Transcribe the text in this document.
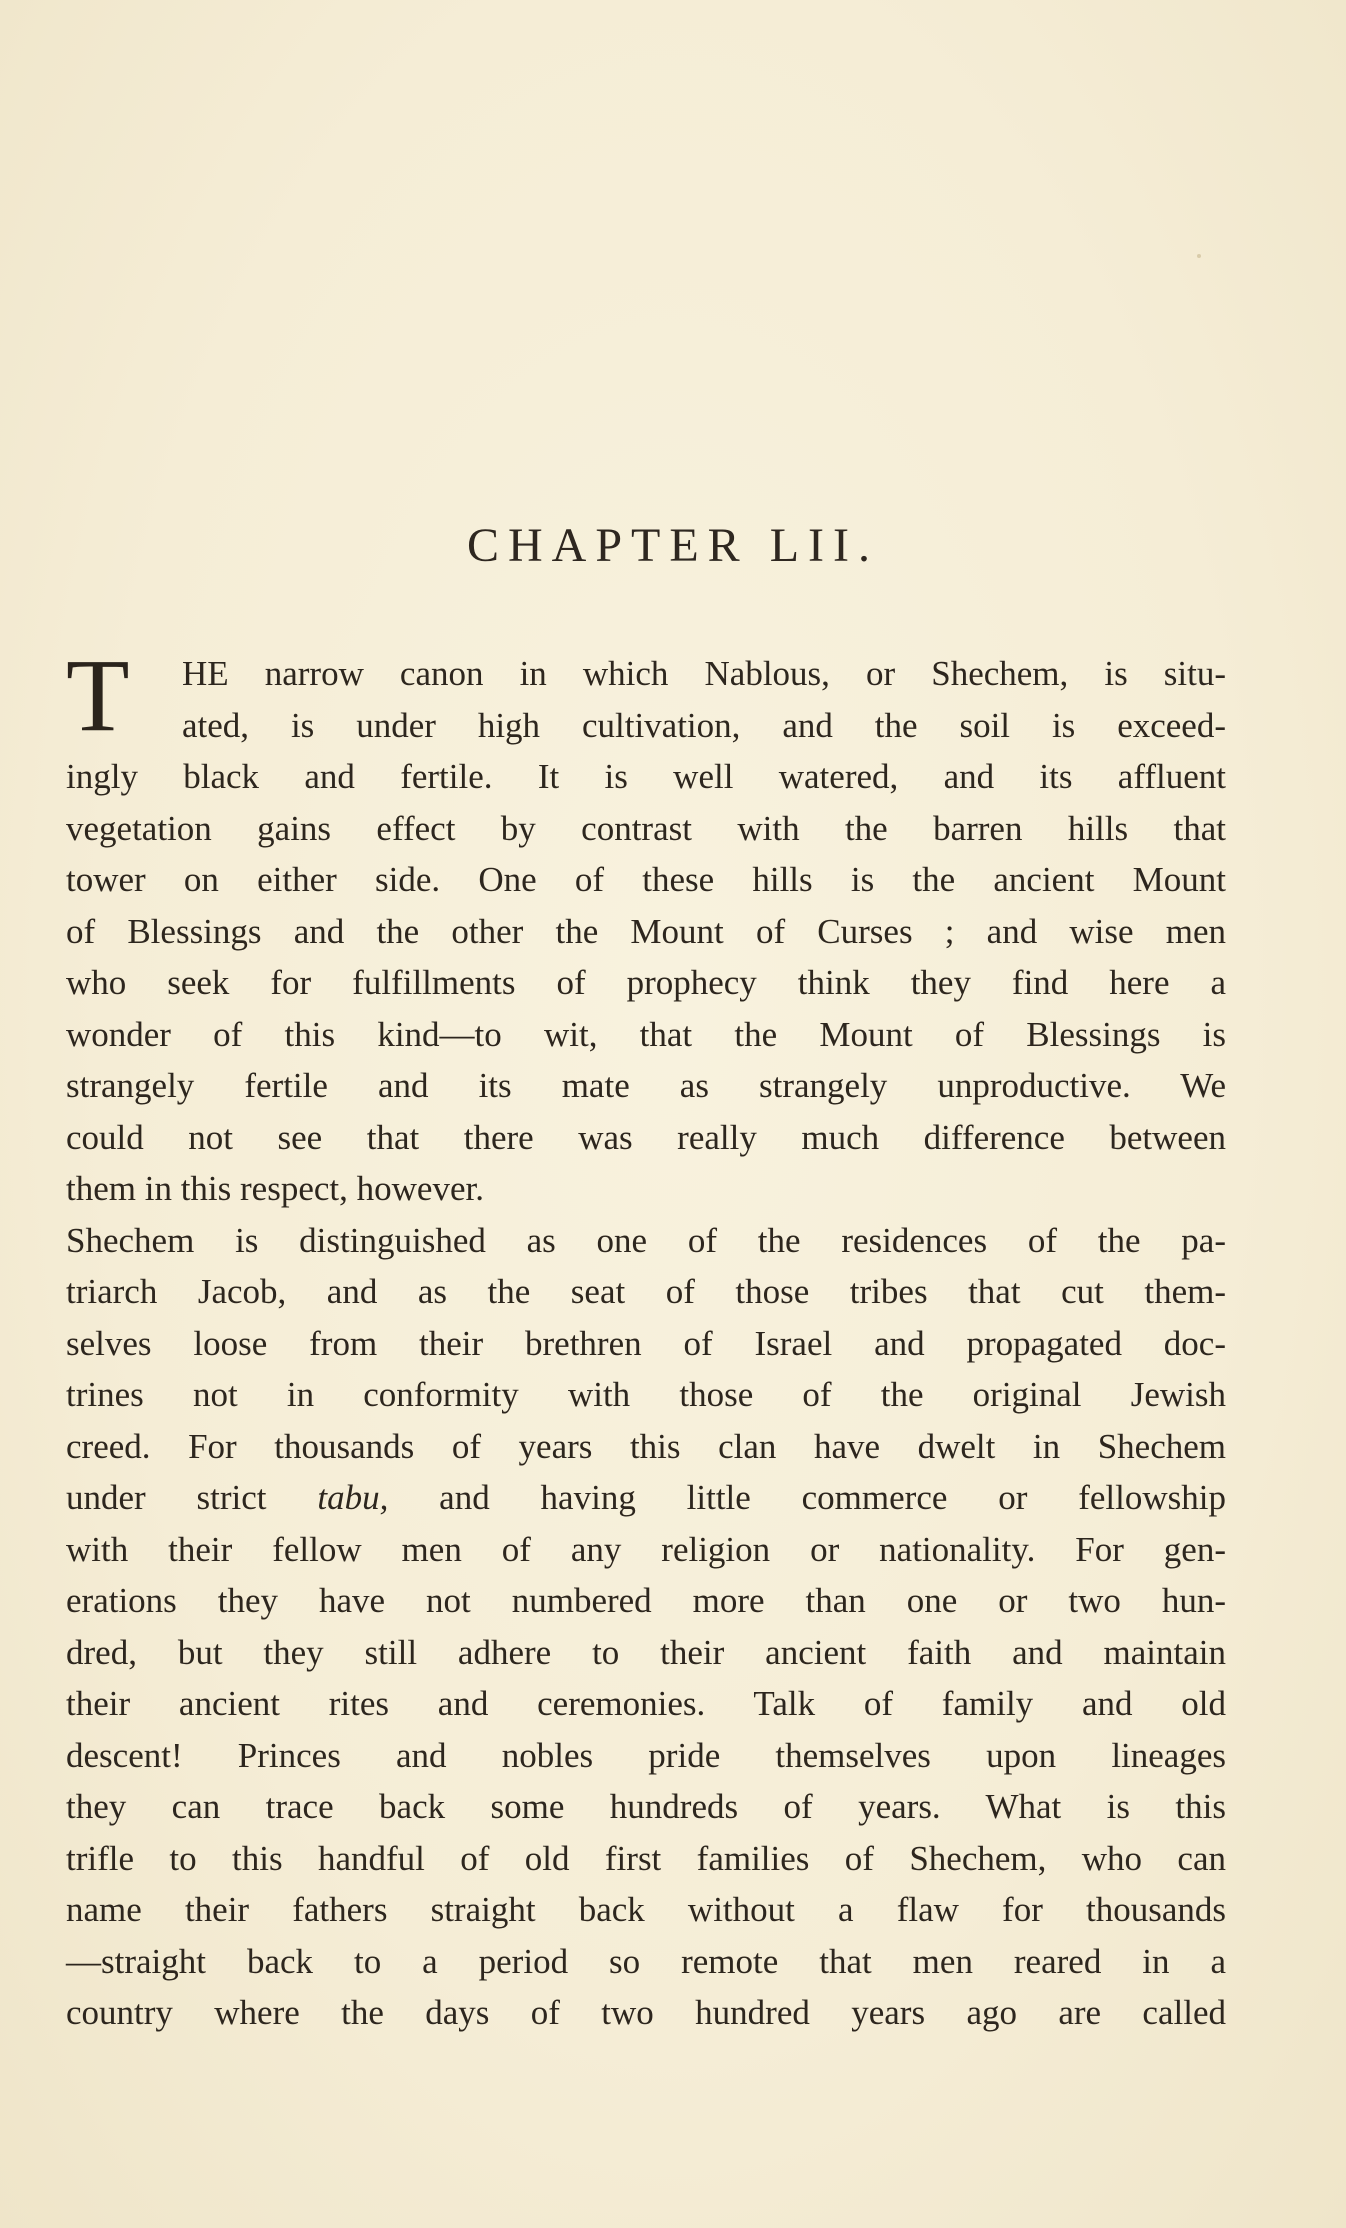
CHAPTER LII.
T	HE narrow canon in which Nablous, or Shechem, is situ-
ated, is under high cultivation, and the soil is exceed-
ingly black and fertile. It is well watered, and its affluent
vegetation gains effect by contrast with the barren hills that
tower on either side. One of these hills is the ancient Mount
of Blessings and the other the Mount of Curses ; and wise men
who seek for fulfillments of prophecy think they find here a
wonder of this kind—to wit, that the Mount of Blessings is
strangely fertile and its mate as strangely unproductive. We
could not see that there was really much difference between
them in this respect, however.
Shechem is distinguished as one of the residences of the pa-
triarch Jacob, and as the seat of those tribes that cut them-
selves loose from their brethren of Israel and propagated doc-
trines not in conformity with those of the original Jewish
creed. For thousands of years this clan have dwelt in Shechem
under strict tabu, and having little commerce or fellowship
with their fellow men of any religion or nationality. For gen-
erations they have not numbered more than one or two hun-
dred, but they still adhere to their ancient faith and maintain
their ancient rites and ceremonies. Talk of family and old
descent! Princes and nobles pride themselves upon lineages
they can trace back some hundreds of years. What is this
trifle to this handful of old first families of Shechem, who can
name their fathers straight back without a flaw for thousands
—straight back to a period so remote that men reared in a
country where the days of two hundred years ago are called
